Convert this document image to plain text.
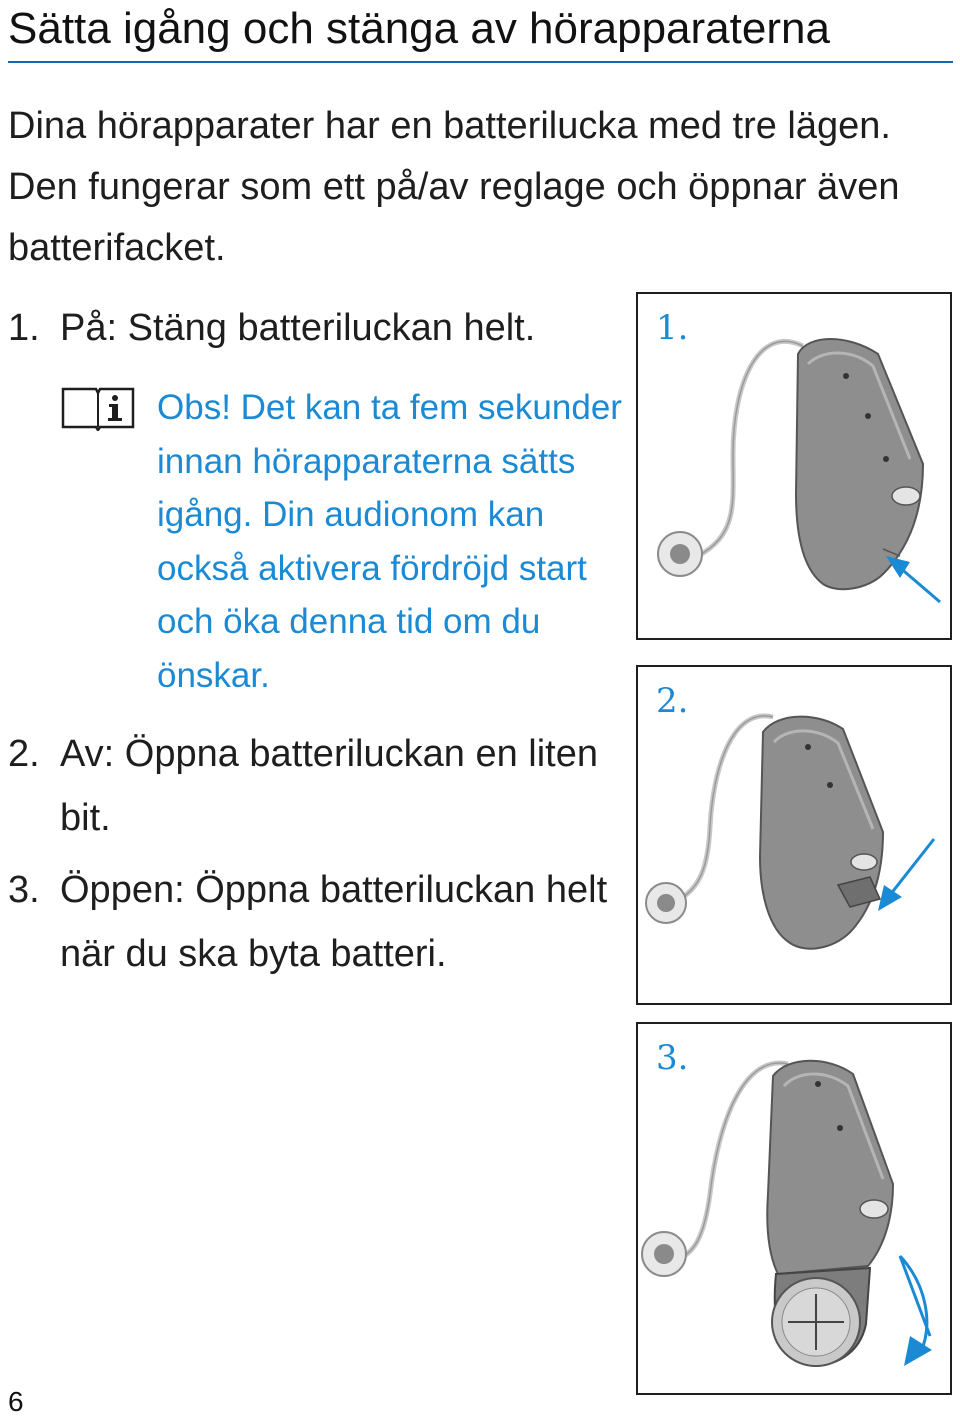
Sätta igång och stänga av hörapparaterna

Dina hörapparater har en batterilucka med tre lägen. Den fungerar som ett på/av reglage och öppnar även batterifacket.

1. På: Stäng batteriluckan helt.

Obs! Det kan ta fem sekunder innan hörapparaterna sätts igång. Din audionom kan också aktivera fördröjd start och öka denna tid om du önskar.

2. Av: Öppna batteriluckan en liten bit.

3. Öppen: Öppna batteriluckan helt när du ska byta batteri.

1.
2.
3.
6
